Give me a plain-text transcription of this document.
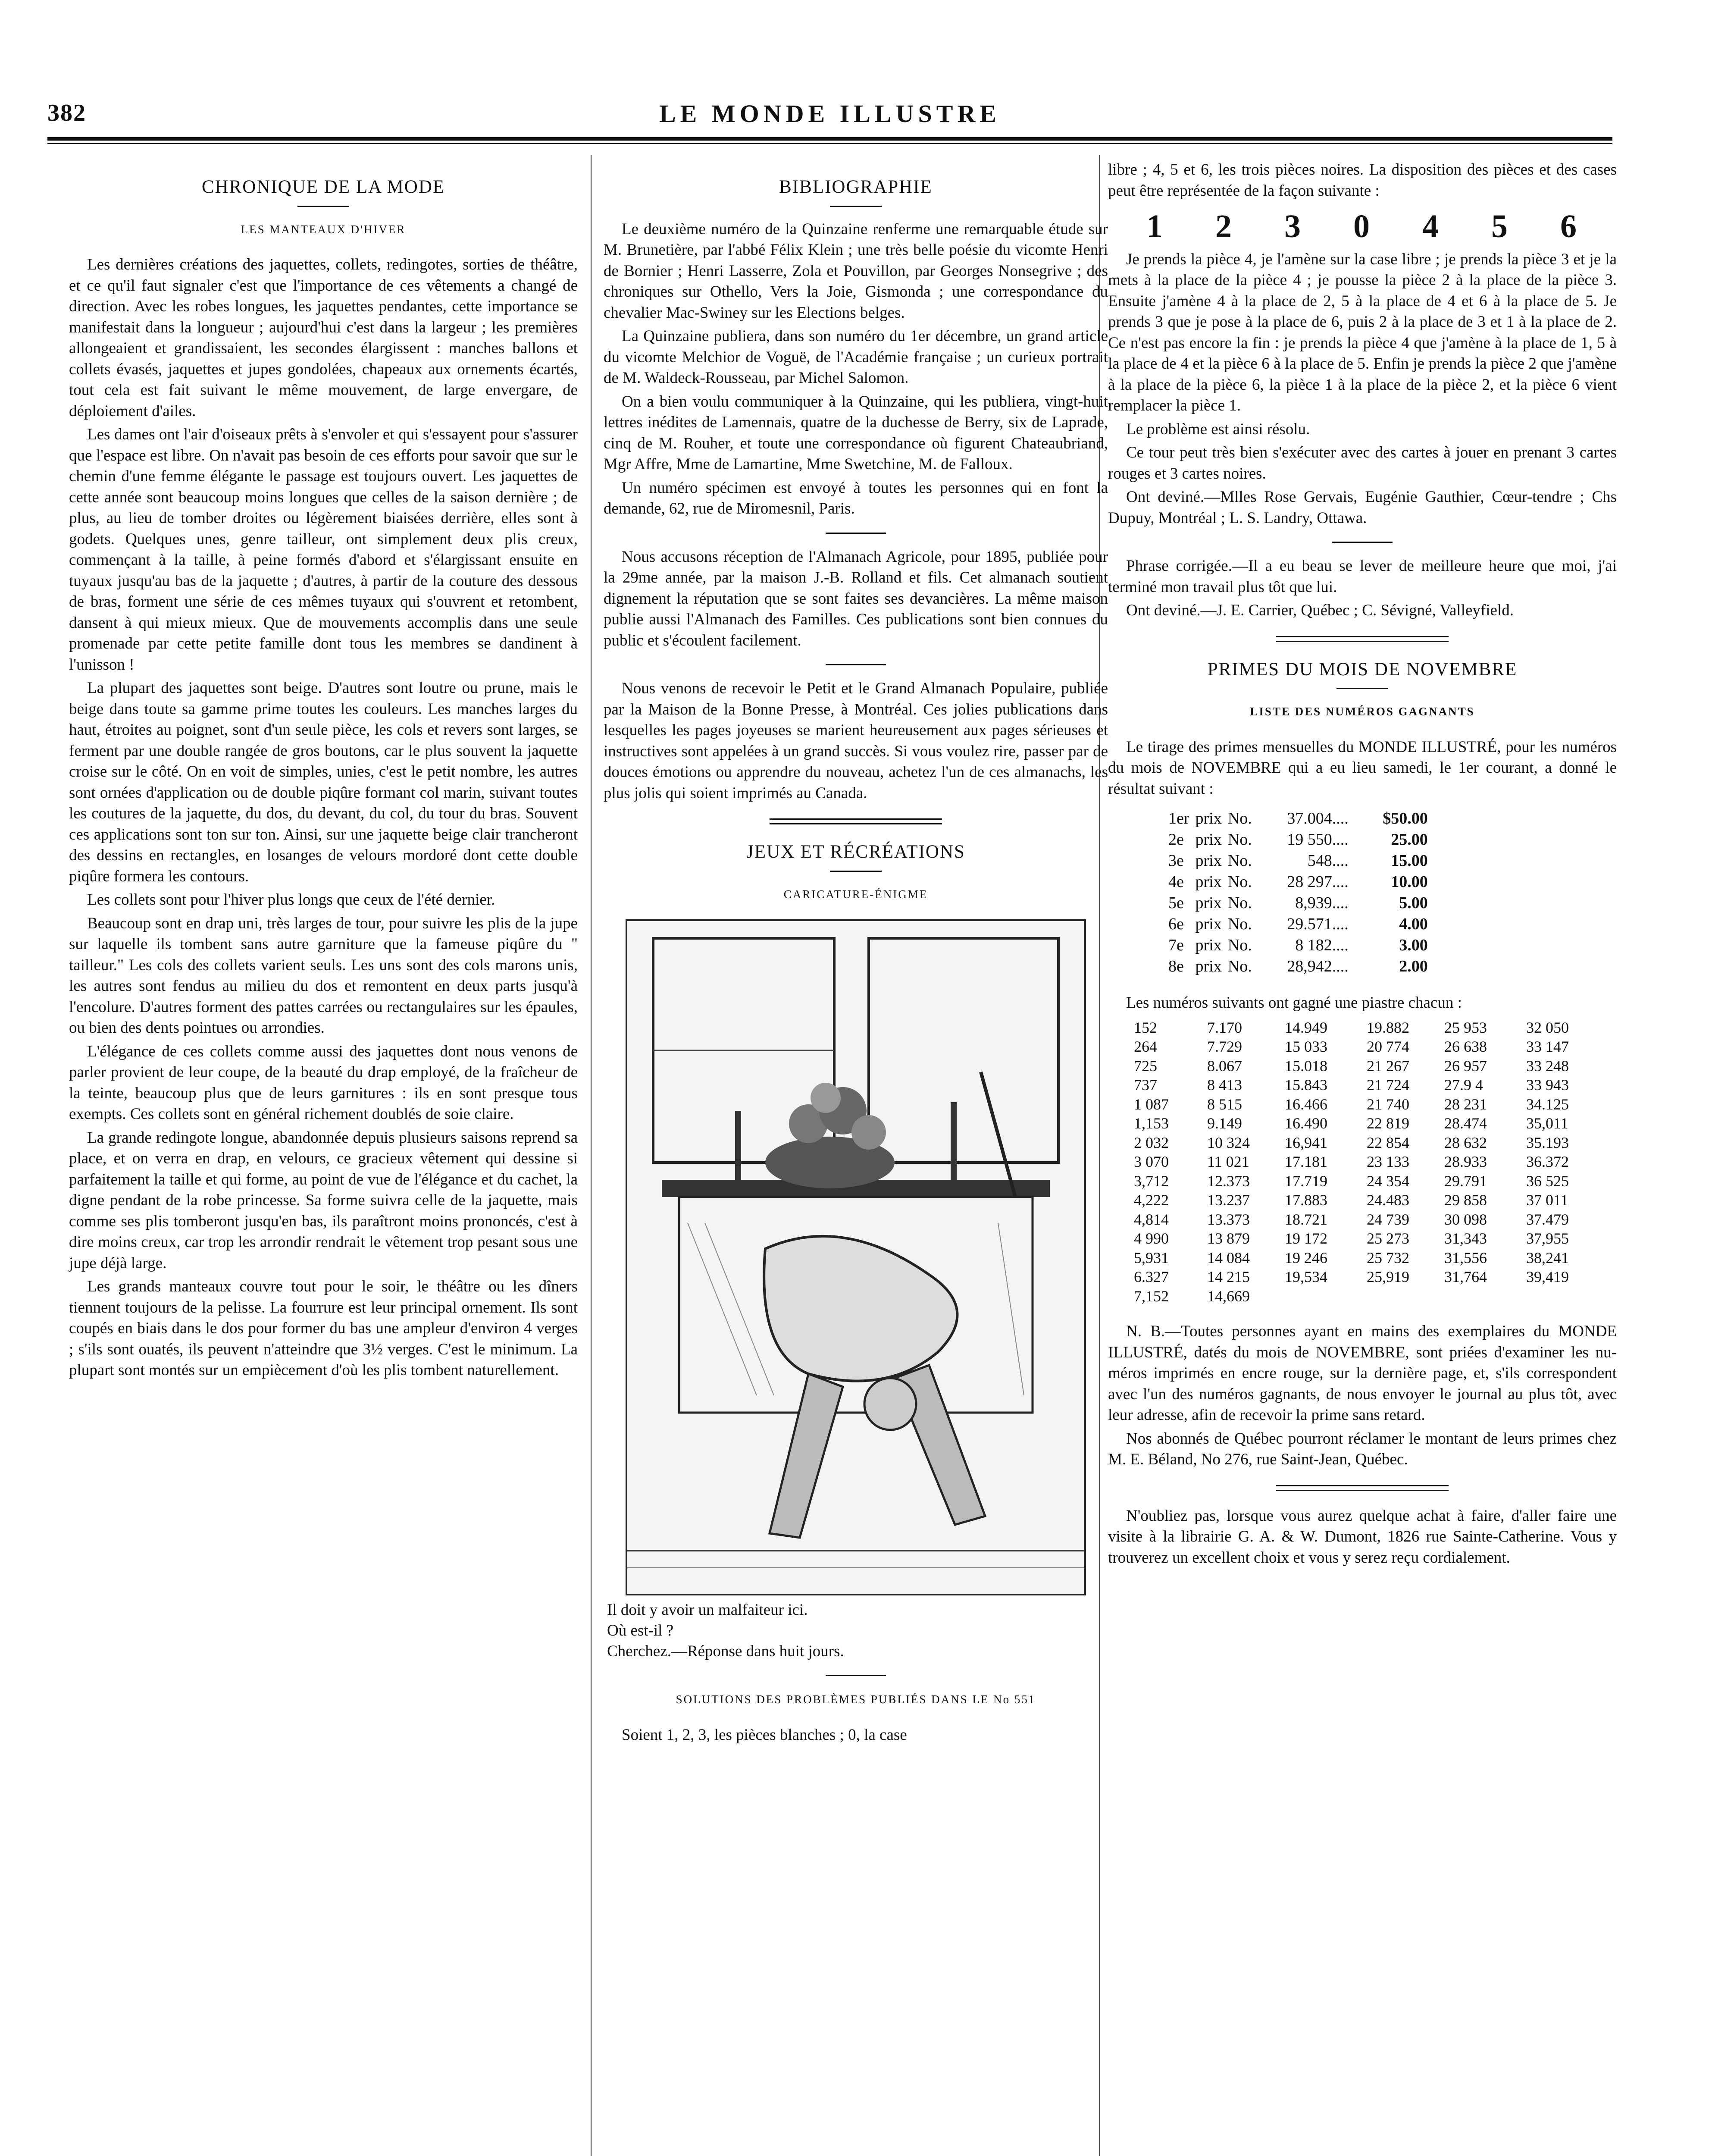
382	LE MONDE ILLUSTRE
CHRONIQUE DE LA MODE
LES MANTEAUX D'HIVER

Les dernières créations des jaquettes, collets, redingotes, sorties de théâtre, et ce qu'il faut signaler c'est que l'importance de ces vêtements a changé de direction. Avec les robes longues, les jaquettes pendantes, cette importance se manifestait dans la longueur ; aujourd'hui c'est dans la largeur ; les premières allongeaient et grandissaient, les secondes élargissent : manches ballons et collets évasés, jaquettes et jupes gondolées, chapeaux aux ornements écartés, tout cela est fait suivant le même mouvement, de large envergare, de déploiement d'ailes.

Les dames ont l'air d'oiseaux prêts à s'envoler et qui s'essayent pour s'assurer que l'espace est libre. On n'avait pas besoin de ces efforts pour savoir que sur le chemin d'une femme élégante le passage est toujours ouvert. Les jaquettes de cette année sont beaucoup moins longues que celles de la saison dernière ; de plus, au lieu de tomber droites ou légèrement biaisées derrière, elles sont à godets. Quelques unes, genre tailleur, ont simplement deux plis creux, commençant à la taille, à peine formés d'abord et s'élargissant ensuite en tuyaux jusqu'au bas de la jaquette ; d'autres, à partir de la couture des dessous de bras, forment une série de ces mêmes tuyaux qui s'ouvrent et retombent, dansent à qui mieux mieux. Que de mouvements accomplis dans une seule promenade par cette petite famille dont tous les membres se dandinent à l'unisson !

La plupart des jaquettes sont beige. D'autres sont loutre ou prune, mais le beige dans toute sa gamme prime toutes les couleurs. Les manches larges du haut, étroites au poignet, sont d'un seule pièce, les cols et revers sont larges, se ferment par une double rangée de gros boutons, car le plus souvent la jaquette croise sur le côté. On en voit de simples, unies, c'est le petit nombre, les autres sont ornées d'application ou de double piqûre formant col marin, suivant toutes les coutures de la jaquette, du dos, du devant, du col, du tour du bras. Souvent ces applications sont ton sur ton. Ainsi, sur une jaquette beige clair trancheront des dessins en rectangles, en losanges de velours mordoré dont cette double piqûre formera les contours.

Les collets sont pour l'hiver plus longs que ceux de l'été dernier.

Beaucoup sont en drap uni, très larges de tour, pour suivre les plis de la jupe sur laquelle ils tombent sans autre garniture que la fameuse piqûre du " tailleur." Les cols des collets varient seuls. Les uns sont des cols marons unis, les autres sont fendus au milieu du dos et remontent en deux parts jusqu'à l'encolure. D'autres forment des pattes carrées ou rectangulaires sur les épaules, ou bien des dents pointues ou arrondies.

L'élégance de ces collets comme aussi des jaquettes dont nous venons de parler provient de leur coupe, de la beauté du drap employé, de la fraîcheur de la teinte, beaucoup plus que de leurs garnitures : ils en sont presque tous exempts. Ces collets sont en général richement doublés de soie claire.

La grande redingote longue, abandonnée depuis plusieurs saisons reprend sa place, et on verra en drap, en velours, ce gracieux vêtement qui dessine si parfaitement la taille et qui forme, au point de vue de l'élégance et du cachet, la digne pendant de la robe princesse. Sa forme suivra celle de la jaquette, mais comme ses plis tomberont jusqu'en bas, ils paraîtront moins prononcés, c'est à dire moins creux, car trop les arrondir rendrait le vêtement trop pesant sous une jupe déjà large.

Les grands manteaux couvre tout pour le soir, le théâtre ou les dîners tiennent toujours de la pelisse. La fourrure est leur principal ornement. Ils sont coupés en biais dans le dos pour former du bas une ampleur d'environ 4 verges ; s'ils sont ouatés, ils peuvent n'atteindre que 3½ verges. C'est le minimum. La plupart sont montés sur un empiècement d'où les plis tombent naturellement.

BIBLIOGRAPHIE

Le deuxième numéro de la Quinzaine renferme une remarquable étude sur M. Brunetière, par l'abbé Félix Klein ; une très belle poésie du vicomte Henri de Bornier ; Henri Lasserre, Zola et Pouvillon, par Georges Nonsegrive ; des chroniques sur Othello, Vers la Joie, Gismonda ; une correspondance du chevalier Mac-Swiney sur les Elections belges.

La Quinzaine publiera, dans son numéro du 1er décembre, un grand article du vicomte Melchior de Voguë, de l'Académie française ; un curieux portrait de M. Waldeck-Rousseau, par Michel Salomon.

On a bien voulu communiquer à la Quinzaine, qui les publiera, vingt-huit lettres inédites de Lamennais, quatre de la duchesse de Berry, six de Laprade, cinq de M. Rouher, et toute une correspondance où figurent Chateaubriand, Mgr Affre, Mme de Lamartine, Mme Swetchine, M. de Falloux.

Un numéro spécimen est envoyé à toutes les personnes qui en font la demande, 62, rue de Miromesnil, Paris.

Nous accusons réception de l'Almanach Agricole, pour 1895, publiée pour la 29me année, par la maison J.-B. Rolland et fils. Cet almanach soutient dignement la réputation que se sont faites ses devancières. La même maison publie aussi l'Almanach des Familles. Ces publications sont bien connues du public et s'écoulent facilement.

Nous venons de recevoir le Petit et le Grand Almanach Populaire, publiée par la Maison de la Bonne Presse, à Montréal. Ces jolies publications dans lesquelles les pages joyeuses se marient heureusement aux pages sérieuses et instructives sont appelées à un grand succès. Si vous voulez rire, passer par de douces émotions ou apprendre du nouveau, achetez l'un de ces almanachs, les plus jolis qui soient imprimés au Canada.

JEUX ET RÉCRÉATIONS
CARICATURE-ÉNIGME
Il doit y avoir un malfaiteur ici.
Où est-il ?
Cherchez.—Réponse dans huit jours.
SOLUTIONS DES PROBLÈMES PUBLIÉS DANS LE No 551

Soient 1, 2, 3, les pièces blanches ; 0, la case

libre ; 4, 5 et 6, les trois pièces noires. La disposition des pièces et des cases peut être représentée de la façon suivante :

1 2 3 0 4 5 6

Je prends la pièce 4, je l'amène sur la case libre ; je prends la pièce 3 et je la mets à la place de la pièce 4 ; je pousse la pièce 2 à la place de la pièce 3. Ensuite j'amène 4 à la place de 2, 5 à la place de 4 et 6 à la place de 5. Je prends 3 que je pose à la place de 6, puis 2 à la place de 3 et 1 à la place de 2. Ce n'est pas encore la fin : je prends la pièce 4 que j'amène à la place de 1, 5 à la place de 4 et la pièce 6 à la place de 5. Enfin je prends la pièce 2 que j'amène à la place de la pièce 6, la pièce 1 à la place de la pièce 2, et la pièce 6 vient remplacer la pièce 1.

Le problème est ainsi résolu.

Ce tour peut très bien s'exécuter avec des cartes à jouer en prenant 3 cartes rouges et 3 cartes noires.

Ont deviné.—Mlles Rose Gervais, Eugénie Gauthier, Cœur-tendre ; Chs Dupuy, Montréal ; L. S. Landry, Ottawa.

Phrase corrigée.—Il a eu beau se lever de meilleure heure que moi, j'ai terminé mon travail plus tôt que lui.

Ont deviné.—J. E. Carrier, Québec ; C. Sévigné, Valleyfield.

PRIMES DU MOIS DE NOVEMBRE
LISTE DES NUMÉROS GAGNANTS

Le tirage des primes mensuelles du MONDE ILLUSTRÉ, pour les numéros du mois de NOVEMBRE qui a eu lieu samedi, le 1er courant, a donné le résultat suivant :

1er	prix	No.	37.004....	$50.00
2e	prix	No.	19 550....	25.00
3e	prix	No.	548....	15.00
4e	prix	No.	28 297....	10.00
5e	prix	No.	8,939....	5.00
6e	prix	No.	29.571....	4.00
7e	prix	No.	8 182....	3.00
8e	prix	No.	28,942....	2.00

Les numéros suivants ont gagné une piastre chacun :

152	7.170	14.949	19.882	25 953	32 050
264	7.729	15 033	20 774	26 638	33 147
725	8.067	15.018	21 267	26 957	33 248
737	8 413	15.843	21 724	27.9 4	33 943
1 087	8 515	16.466	21 740	28 231	34.125
1,153	9.149	16.490	22 819	28.474	35,011
2 032	10 324	16,941	22 854	28 632	35.193
3 070	11 021	17.181	23 133	28.933	36.372
3,712	12.373	17.719	24 354	29.791	36 525
4,222	13.237	17.883	24.483	29 858	37 011
4,814	13.373	18.721	24 739	30 098	37.479
4 990	13 879	19 172	25 273	31,343	37,955
5,931	14 084	19 246	25 732	31,556	38,241
6.327	14 215	19,534	25,919	31,764	39,419
7,152	14,669

N. B.—Toutes personnes ayant en mains des exemplaires du MONDE ILLUSTRÉ, datés du mois de NOVEMBRE, sont priées d'examiner les numéros imprimés en encre rouge, sur la dernière page, et, s'ils correspondent avec l'un des numéros gagnants, de nous envoyer le journal au plus tôt, avec leur adresse, afin de recevoir la prime sans retard.

Nos abonnés de Québec pourront réclamer le montant de leurs primes chez M. E. Béland, No 276, rue Saint-Jean, Québec.

N'oubliez pas, lorsque vous aurez quelque achat à faire, d'aller faire une visite à la librairie G. A. & W. Dumont, 1826 rue Sainte-Catherine. Vous y trouverez un excellent choix et vous y serez reçu cordialement.
